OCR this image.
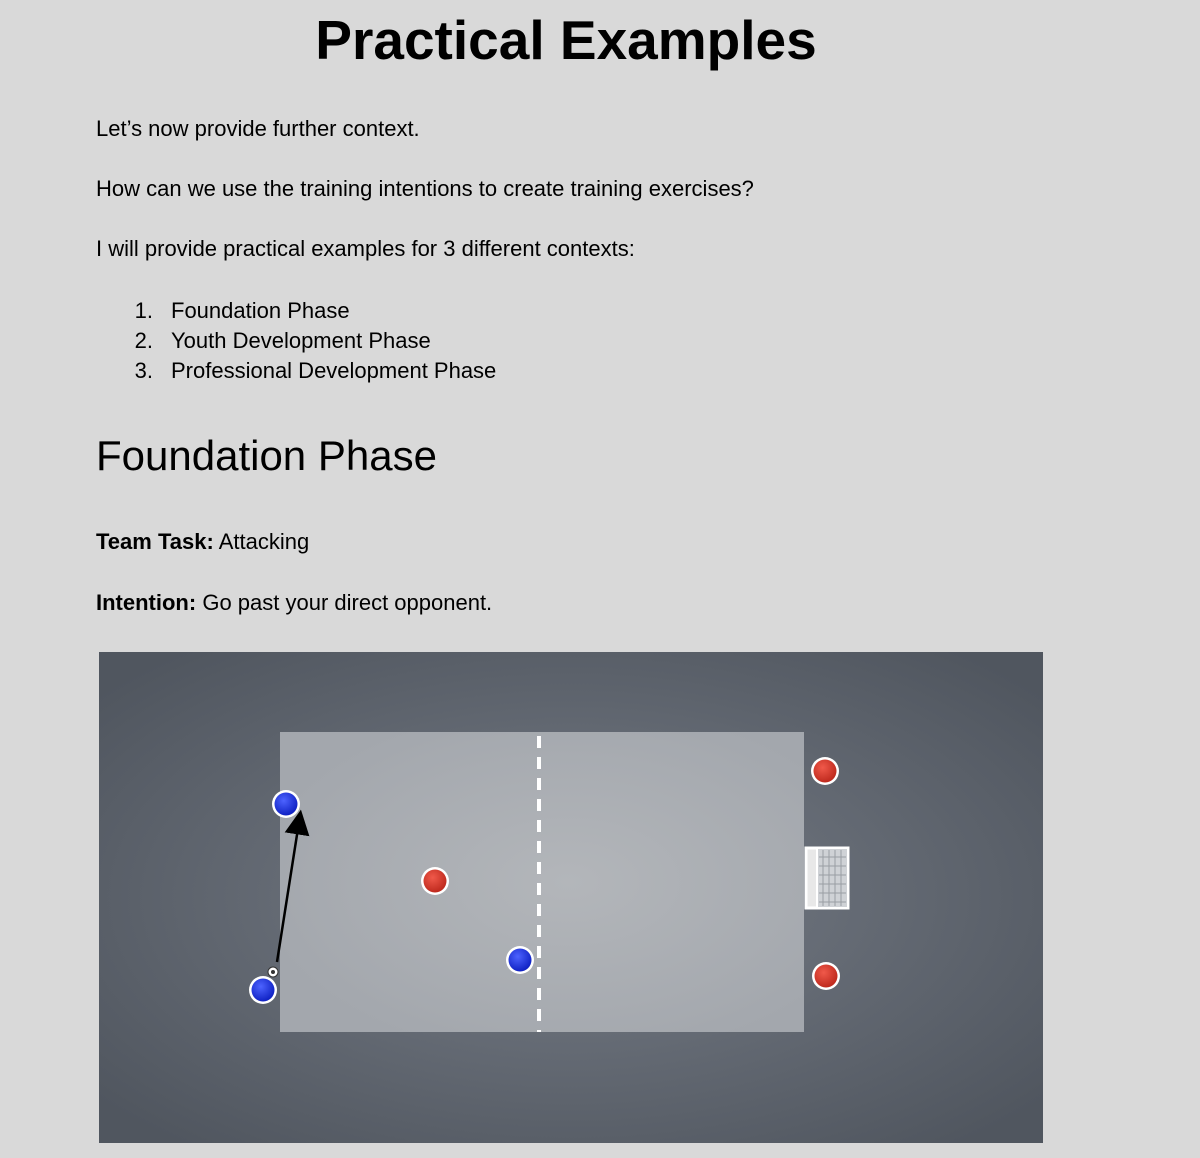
Practical Examples

Let’s now provide further context.

How can we use the training intentions to create training exercises?

I will provide practical examples for 3 different contexts:

1. Foundation Phase
2. Youth Development Phase
3. Professional Development Phase
Foundation Phase

Team Task: Attacking

Intention: Go past your direct opponent.
